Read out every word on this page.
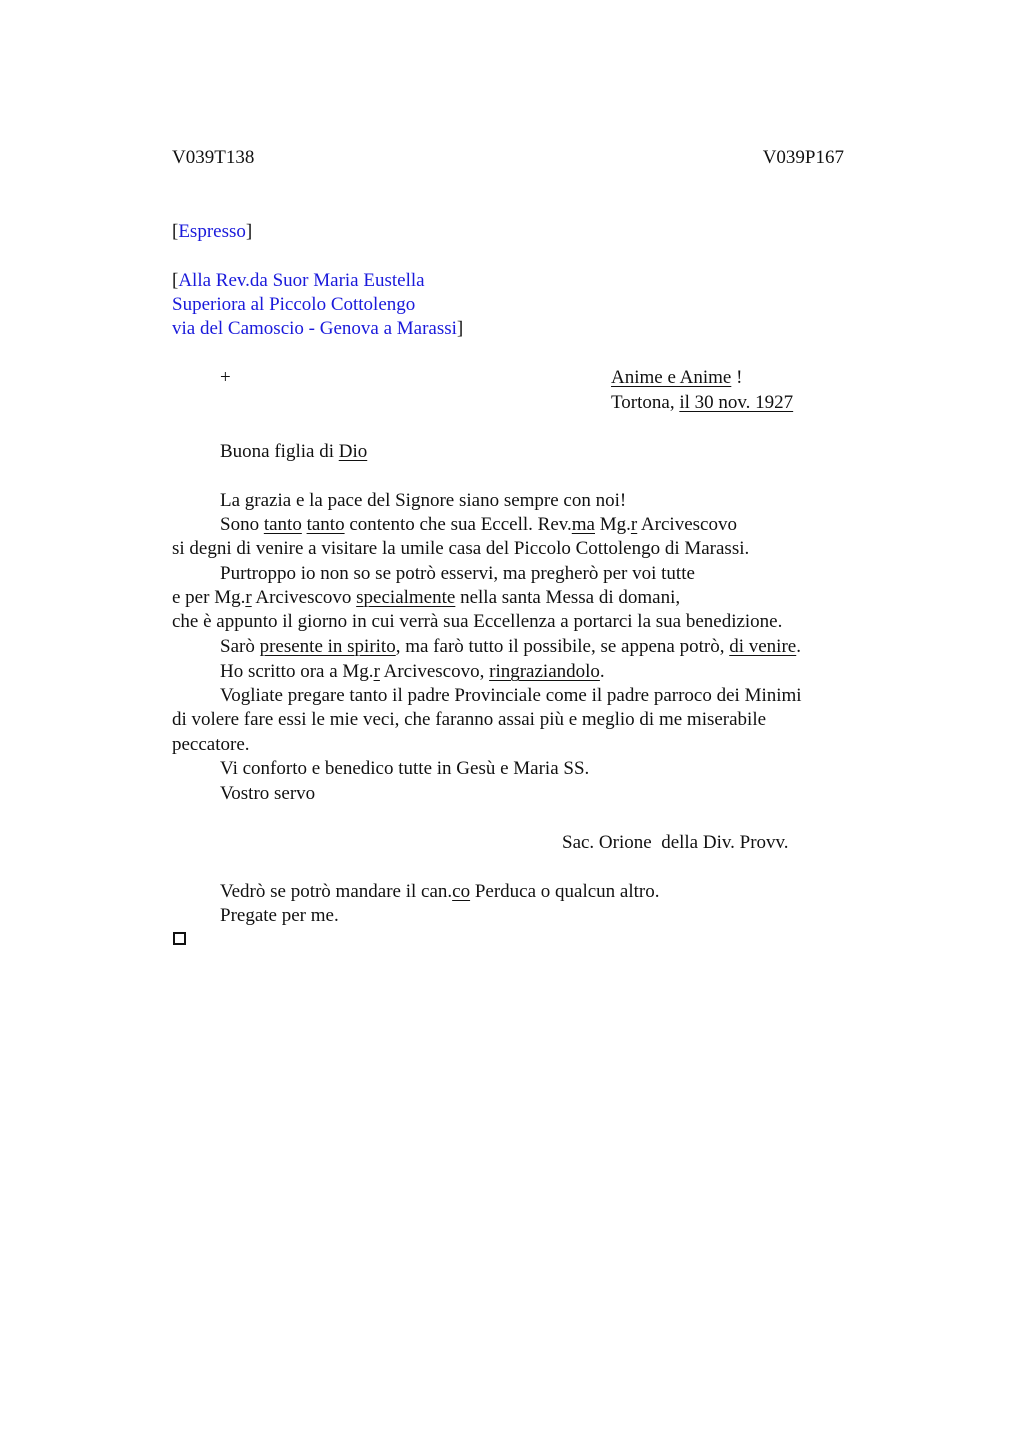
V039T138	V039P167
[Espresso]
[Alla Rev.da Suor Maria Eustella
Superiora al Piccolo Cottolengo
via del Camoscio - Genova a Marassi]
+	Anime e Anime !
Tortona, il 30 nov. 1927
Buona figlia di Dio
La grazia e la pace del Signore siano sempre con noi!
Sono tanto tanto contento che sua Eccell. Rev.ma Mg.r Arcivescovo
si degni di venire a visitare la umile casa del Piccolo Cottolengo di Marassi.
Purtroppo io non so se potrò esservi, ma pregherò per voi tutte
e per Mg.r Arcivescovo specialmente nella santa Messa di domani,
che è appunto il giorno in cui verrà sua Eccellenza a portarci la sua benedizione.
Sarò presente in spirito, ma farò tutto il possibile, se appena potrò, di venire.
Ho scritto ora a Mg.r Arcivescovo, ringraziandolo.
Vogliate pregare tanto il padre Provinciale come il padre parroco dei Minimi
di volere fare essi le mie veci, che faranno assai più e meglio di me miserabile
peccatore.
Vi conforto e benedico tutte in Gesù e Maria SS.
Vostro servo
Sac. Orione  della Div. Provv.
Vedrò se potrò mandare il can.co Perduca o qualcun altro.
Pregate per me.
